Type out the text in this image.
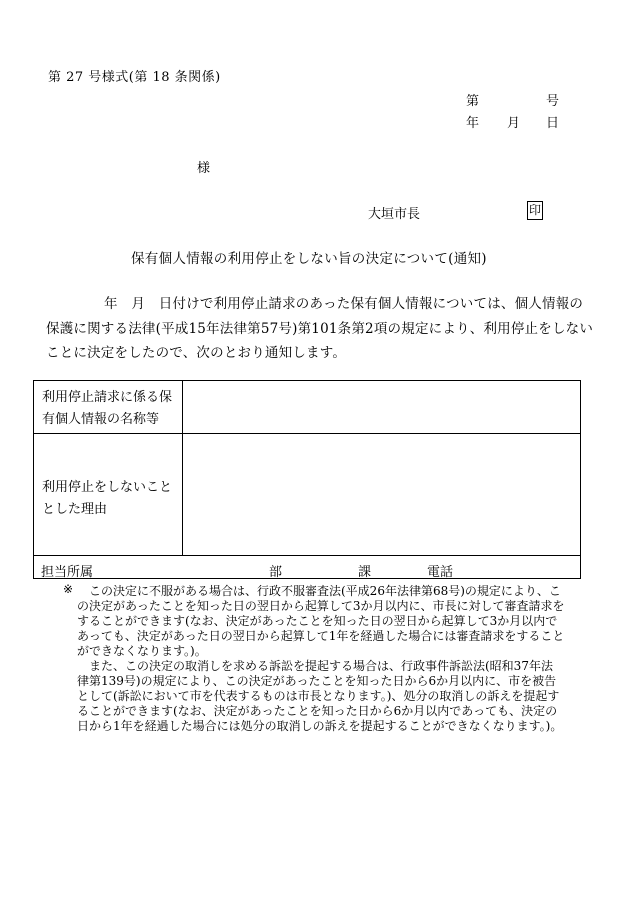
第 27 号様式(第 18 条関係)
第	号
年 月 日
様
大垣市長	印
保有個人情報の利用停止をしない旨の決定について(通知)
年　月　日付けで利用停止請求のあった保有個人情報については、個人情報の
保護に関する法律(平成15年法律第57号)第101条第2項の規定により、利用停止をしない
ことに決定をしたので、次のとおり通知します。
利用停止請求に係る保
有個人情報の名称等
利用停止をしないこと
とした理由
担当所属	部	課	電話
※ この決定に不服がある場合は、行政不服審査法(平成26年法律第68号)の規定により、こ
の決定があったことを知った日の翌日から起算して3か月以内に、市長に対して審査請求を
することができます(なお、決定があったことを知った日の翌日から起算して3か月以内で
あっても、決定があった日の翌日から起算して1年を経過した場合には審査請求をすること
ができなくなります。)。
また、この決定の取消しを求める訴訟を提起する場合は、行政事件訴訟法(昭和37年法
律第139号)の規定により、この決定があったことを知った日から6か月以内に、市を被告
として(訴訟において市を代表するものは市長となります。)、処分の取消しの訴えを提起す
ることができます(なお、決定があったことを知った日から6か月以内であっても、決定の
日から1年を経過した場合には処分の取消しの訴えを提起することができなくなります。)。
